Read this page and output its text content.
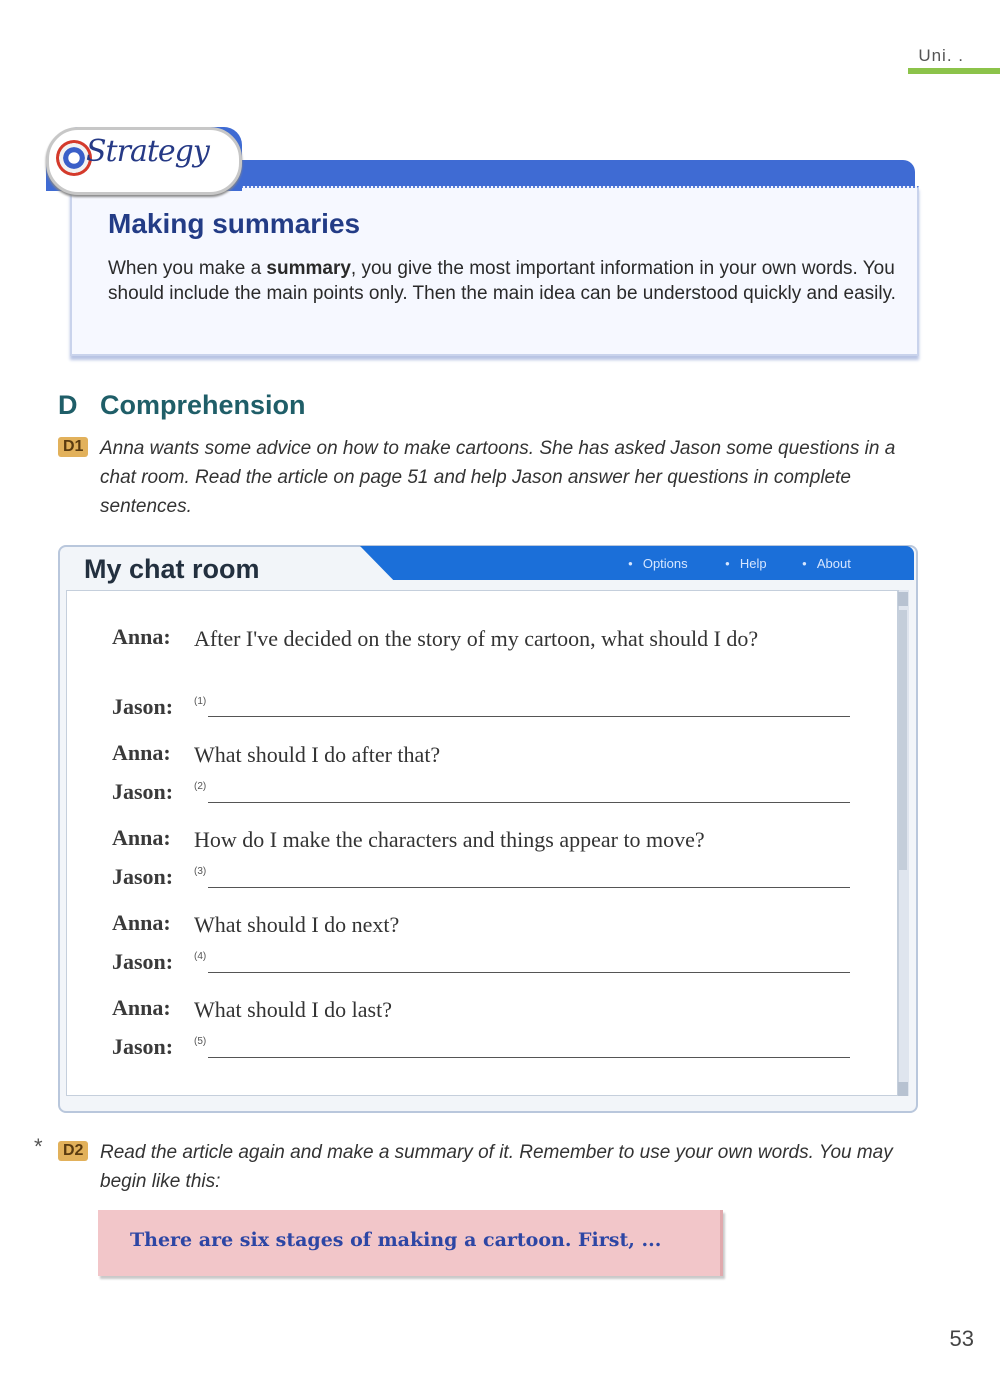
Uni. .
Strategy
Making summaries
When you make a summary, you give the most important information in your own words. You should include the main points only. Then the main idea can be understood quickly and easily.
D Comprehension
D1 Anna wants some advice on how to make cartoons. She has asked Jason some questions in a chat room. Read the article on page 51 and help Jason answer her questions in complete sentences.
My chat room	● Options	● Help	● About
Anna: After I've decided on the story of my cartoon, what should I do?
Jason: (1)
Anna: What should I do after that?
Jason: (2)
Anna: How do I make the characters and things appear to move?
Jason: (3)
Anna: What should I do next?
Jason: (4)
Anna: What should I do last?
Jason: (5)
*	D2 Read the article again and make a summary of it. Remember to use your own words. You may begin like this:
There are six stages of making a cartoon. First, ...
53
